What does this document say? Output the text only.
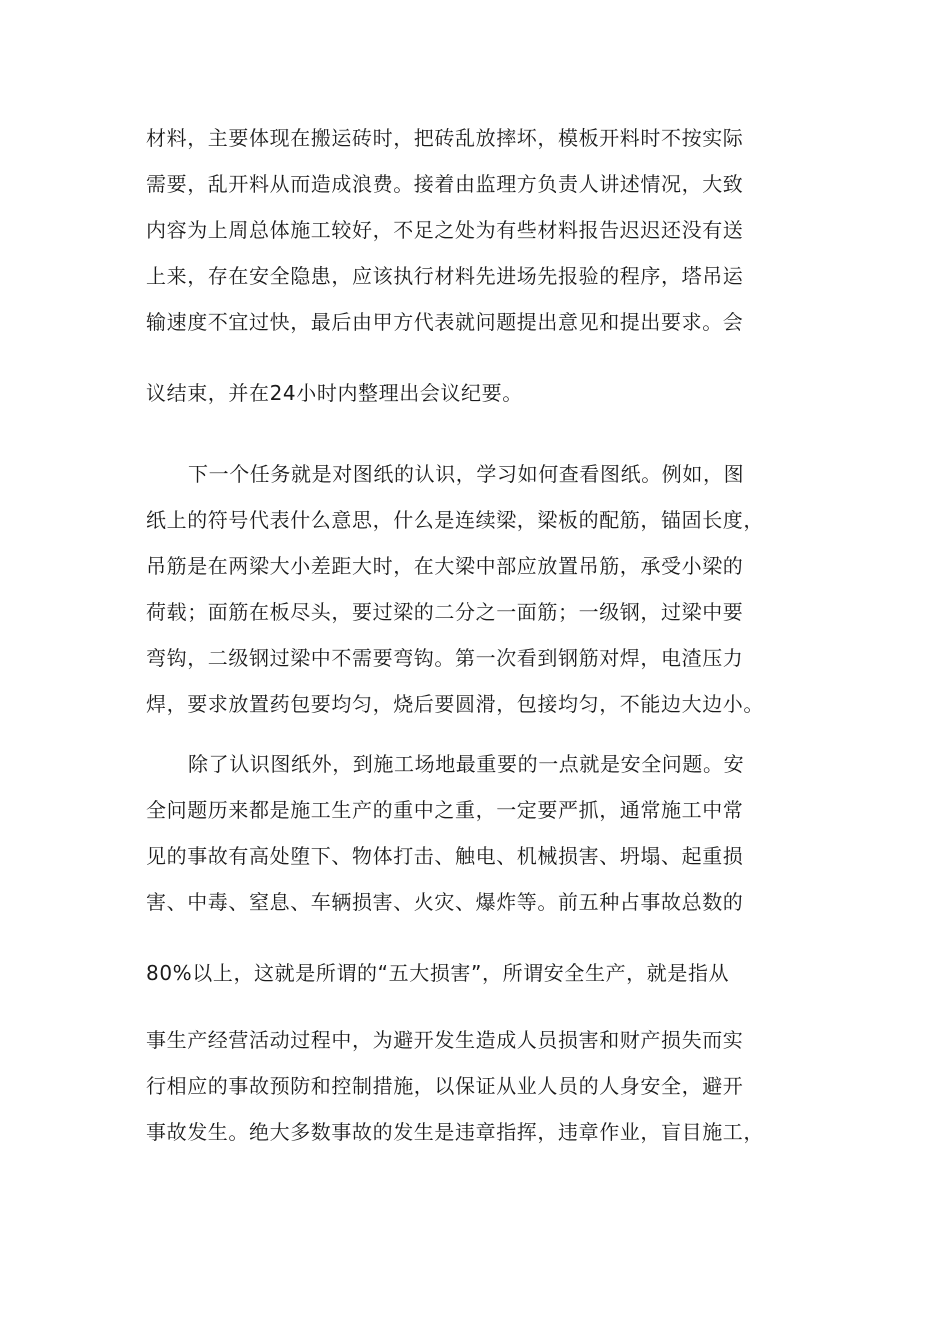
材料，主要体现在搬运砖时，把砖乱放摔坏，模板开料时不按实际
需要，乱开料从而造成浪费。接着由监理方负责人讲述情况，大致
内容为上周总体施工较好，不足之处为有些材料报告迟迟还没有送
上来，存在安全隐患，应该执行材料先进场先报验的程序，塔吊运
输速度不宜过快，最后由甲方代表就问题提出意见和提出要求。会
议结束，并在24小时内整理出会议纪要。
下一个任务就是对图纸的认识，学习如何查看图纸。例如，图
纸上的符号代表什么意思，什么是连续梁，梁板的配筋，锚固长度，
吊筋是在两梁大小差距大时，在大梁中部应放置吊筋，承受小梁的
荷载；面筋在板尽头，要过梁的二分之一面筋；一级钢，过梁中要
弯钩，二级钢过梁中不需要弯钩。第一次看到钢筋对焊，电渣压力
焊，要求放置药包要均匀，烧后要圆滑，包接均匀，不能边大边小。
除了认识图纸外，到施工场地最重要的一点就是安全问题。安
全问题历来都是施工生产的重中之重，一定要严抓，通常施工中常
见的事故有高处堕下、物体打击、触电、机械损害、坍塌、起重损
害、中毒、窒息、车辆损害、火灾、爆炸等。前五种占事故总数的
80%以上，这就是所谓的“五大损害”，所谓安全生产，就是指从
事生产经营活动过程中，为避开发生造成人员损害和财产损失而实
行相应的事故预防和控制措施，以保证从业人员的人身安全，避开
事故发生。绝大多数事故的发生是违章指挥，违章作业，盲目施工，
